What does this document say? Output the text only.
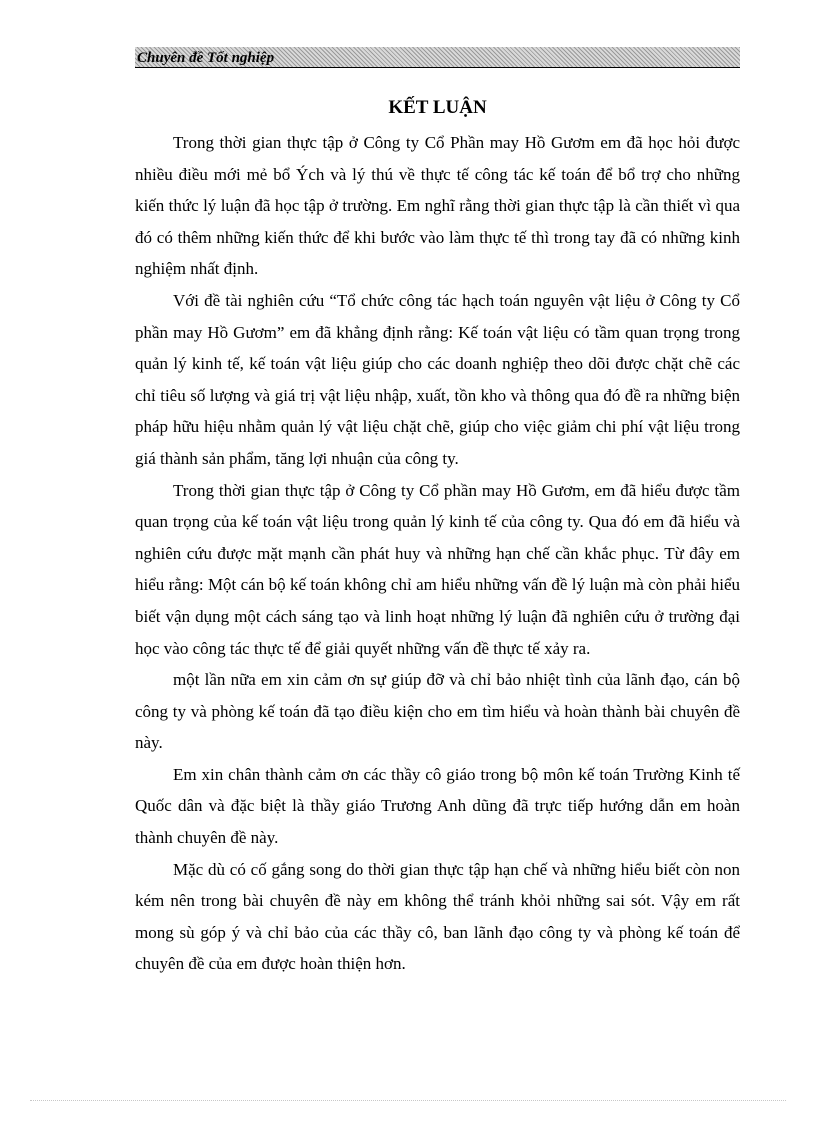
Chuyên đề Tốt nghiệp
KẾT LUẬN

Trong thời gian thực tập ở Công ty Cổ Phần may Hồ Gươm em đã học hỏi được nhiều điều mới mẻ bổ Ých và lý thú về thực tế công tác kế toán để bổ trợ cho những kiến thức lý luận đã học tập ở trường. Em nghĩ rằng thời gian thực tập là cần thiết vì qua đó có thêm những kiến thức để khi bước vào làm thực tế thì trong tay đã có những kinh nghiệm nhất định.

Với đề tài nghiên cứu “Tổ chức công tác hạch toán nguyên vật liệu ở Công ty Cổ phần may Hồ Gươm” em đã khẳng định rằng: Kế toán vật liệu có tầm quan trọng trong quản lý kinh tế, kế toán vật liệu giúp cho các doanh nghiệp theo dõi được chặt chẽ các chỉ tiêu số lượng và giá trị vật liệu nhập, xuất, tồn kho và thông qua đó đề ra những biện pháp hữu hiệu nhằm quản lý vật liệu chặt chẽ, giúp cho việc giảm chi phí vật liệu trong giá thành sản phẩm, tăng lợi nhuận của công ty.

Trong thời gian thực tập ở Công ty Cổ phần may Hồ Gươm, em đã hiểu được tầm quan trọng của kế toán vật liệu trong quản lý kinh tế của công ty. Qua đó em đã hiểu và nghiên cứu được mặt mạnh cần phát huy và những hạn chế cần khắc phục. Từ đây em hiểu rằng: Một cán bộ kế toán không chỉ am hiểu những vấn đề lý luận mà còn phải hiểu biết vận dụng một cách sáng tạo và linh hoạt những lý luận đã nghiên cứu ở trường đại học vào công tác thực tế để giải quyết những vấn đề thực tế xảy ra.

một lần nữa em xin cảm ơn sự giúp đỡ và chỉ bảo nhiệt tình của lãnh đạo, cán bộ công ty và phòng kế toán đã tạo điều kiện cho em tìm hiểu và hoàn thành bài chuyên đề này.

Em xin chân thành cảm ơn các thầy cô giáo trong bộ môn kế toán Trường Kinh tế Quốc dân và đặc biệt là thầy giáo Trương Anh dũng đã trực tiếp hướng dẫn em hoàn thành chuyên đề này.

Mặc dù có cố gắng song do thời gian thực tập hạn chế và những hiểu biết còn non kém nên trong bài chuyên đề này em không thể tránh khỏi những sai sót. Vậy em rất mong sù góp ý và chỉ bảo của các thầy cô, ban lãnh đạo công ty và phòng kế toán để chuyên đề của em được hoàn thiện hơn.
